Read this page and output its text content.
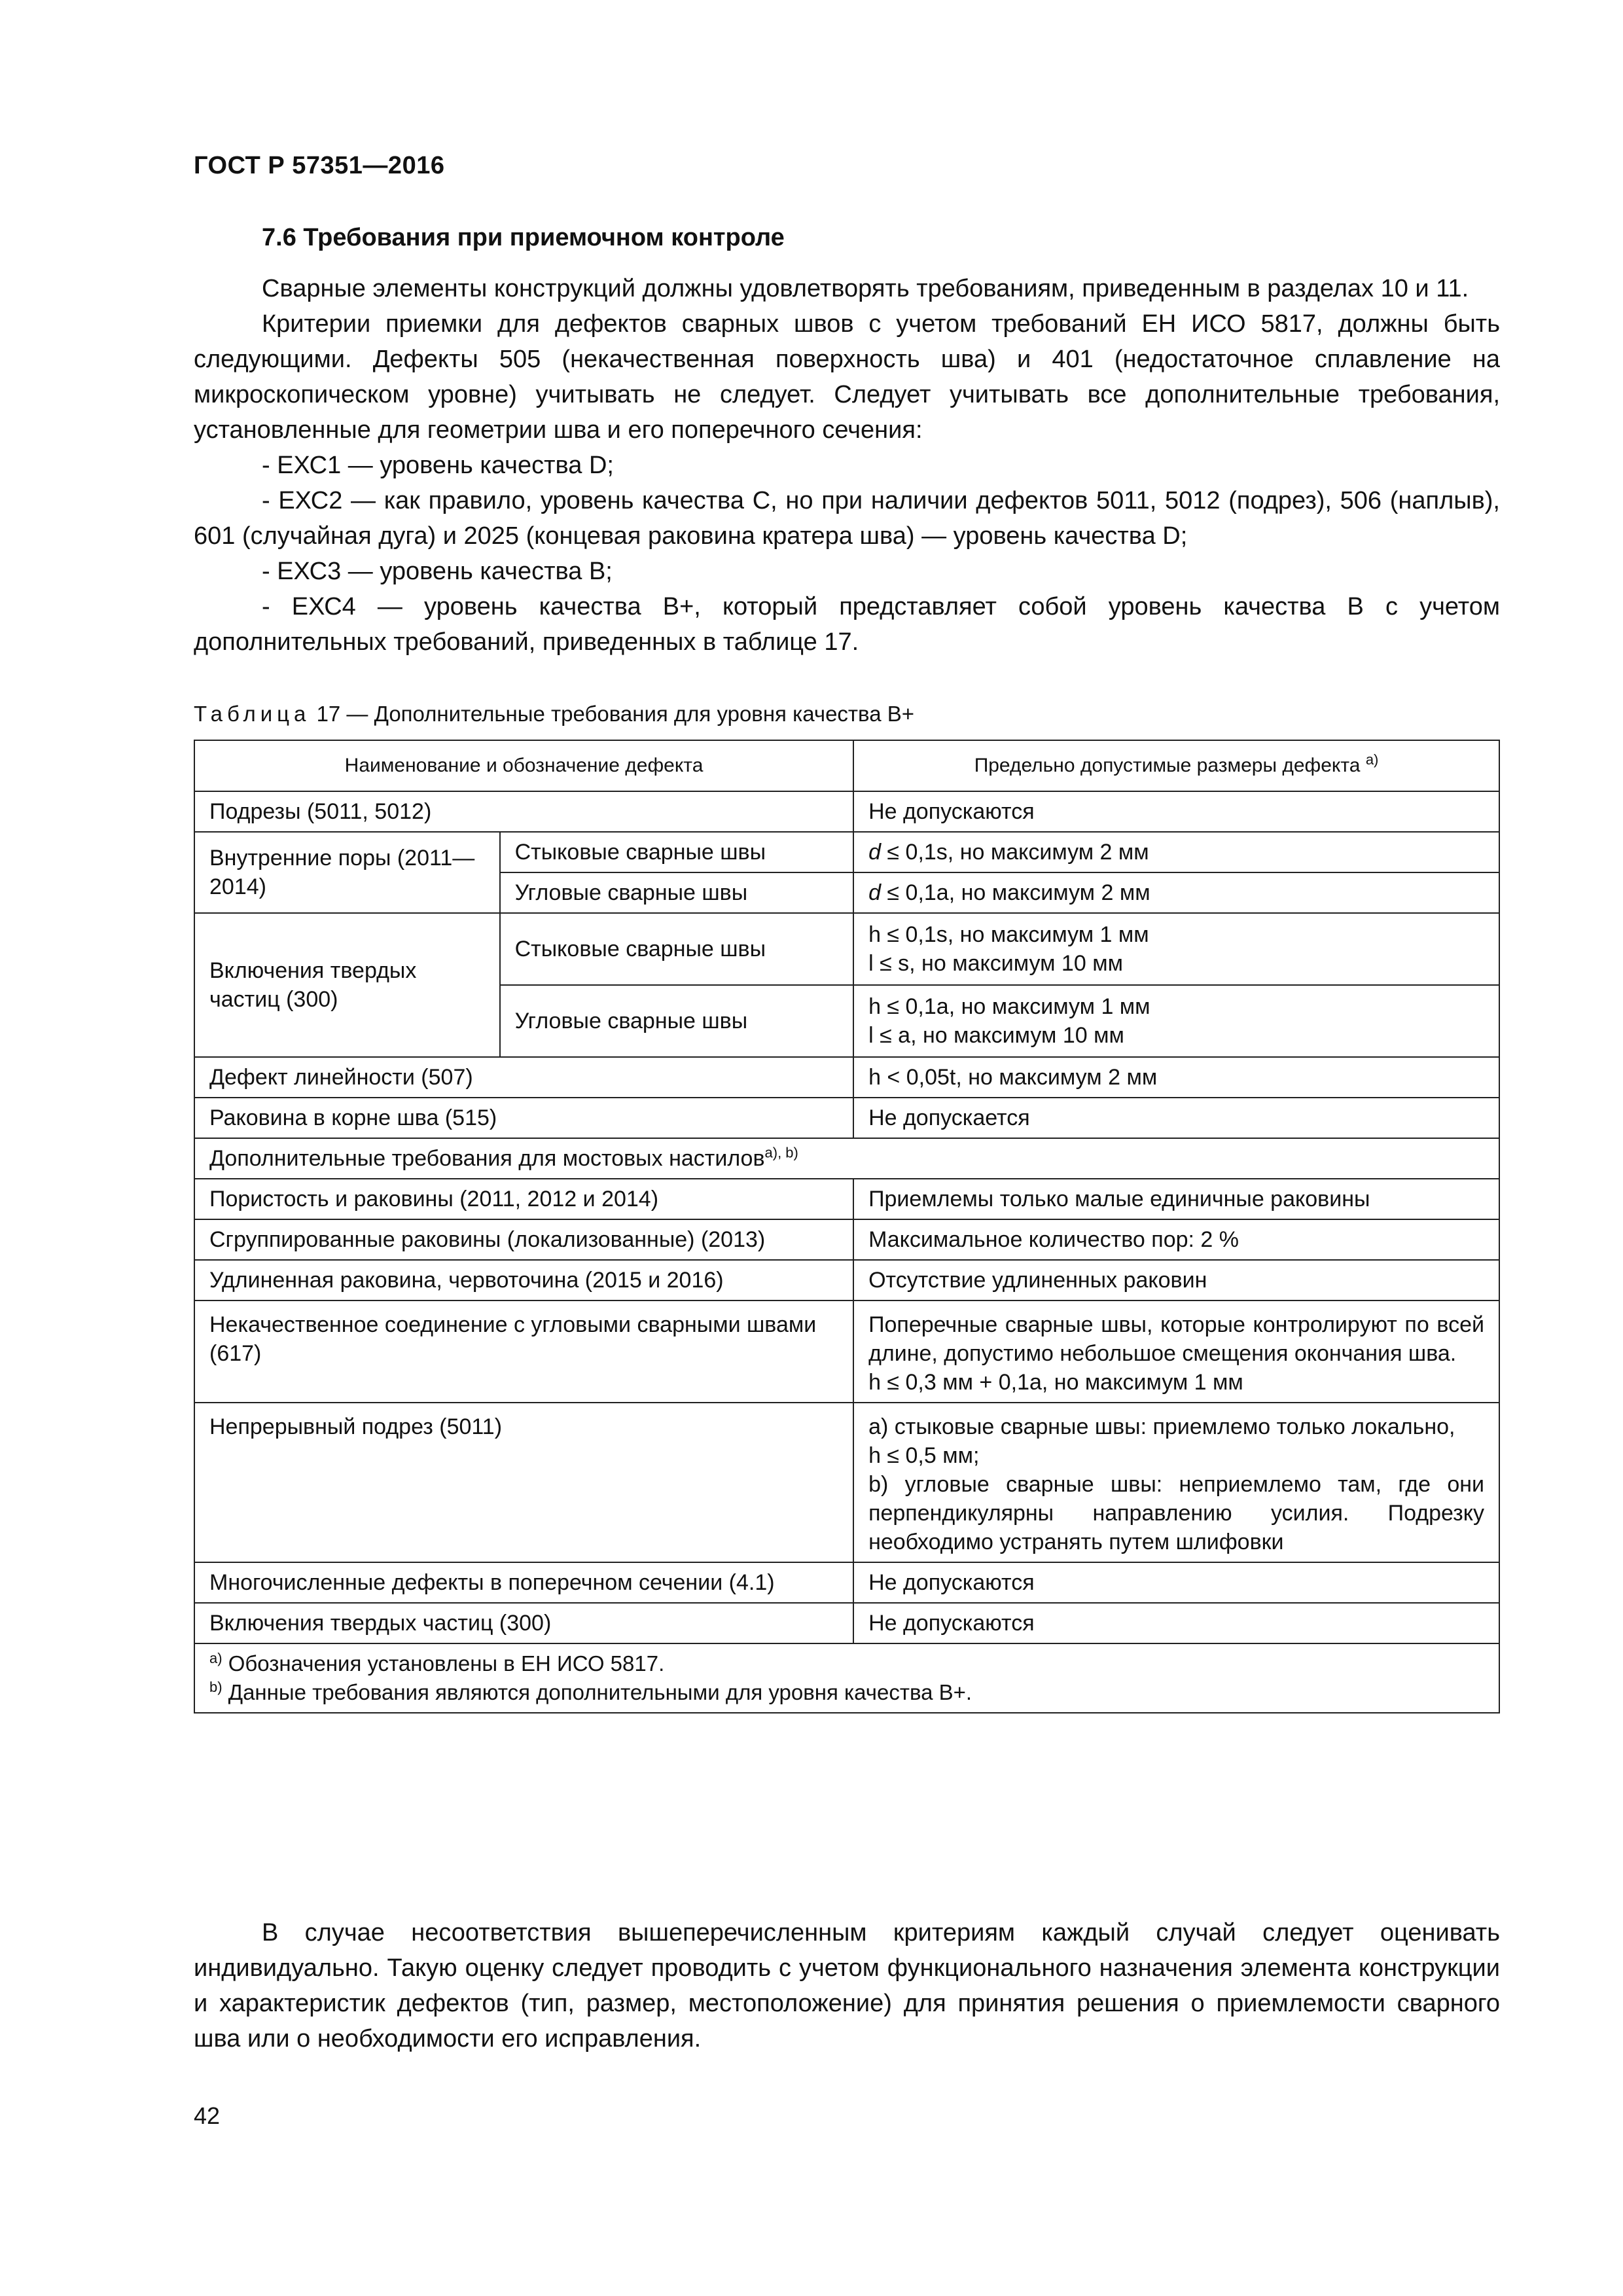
ГОСТ Р 57351—2016
7.6 Требования при приемочном контроле

Сварные элементы конструкций должны удовлетворять требованиям, приведенным в разделах 10 и 11.

Критерии приемки для дефектов сварных швов с учетом требований ЕН ИСО 5817, должны быть следующими. Дефекты 505 (некачественная поверхность шва) и 401 (недостаточное сплавление на микроскопическом уровне) учитывать не следует. Следует учитывать все дополнительные требования, установленные для геометрии шва и его поперечного сечения:

- ЕХС1 — уровень качества D;

- ЕХС2 — как правило, уровень качества С, но при наличии дефектов 5011, 5012 (подрез), 506 (наплыв), 601 (случайная дуга) и 2025 (концевая раковина кратера шва) — уровень качества D;

- ЕХС3 — уровень качества В;

- ЕХС4 — уровень качества В+, который представляет собой уровень качества В с учетом дополнительных требований, приведенных в таблице 17.

Таблица 17 — Дополнительные требования для уровня качества В+
Наименование и обозначение дефекта		Предельно допустимые размеры дефекта $^{a)}$
Подрезы (5011, 5012)		Не допускаются
Внутренние поры (2011—2014)	Стыковые сварные швы	d ≤ 0,1s, но максимум 2 мм
	Угловые сварные швы	d ≤ 0,1a, но максимум 2 мм
Включения твердых частиц (300)	Стыковые сварные швы	h ≤ 0,1s, но максимум 1 мм
l ≤ s, но максимум 10 мм

	Угловые сварные швы	h ≤ 0,1a, но максимум 1 мм
l ≤ a, но максимум 10 мм

Дефект линейности (507)		h < 0,05t, но максимум 2 мм
Раковина в корне шва (515)		Не допускается
Дополнительные требования для мостовых настилов$^{a), b)}$
Пористость и раковины (2011, 2012 и 2014)		Приемлемы только малые единичные раковины
Сгруппированные раковины (локализованные) (2013)		Максимальное количество пор: 2 %
Удлиненная раковина, червоточина (2015 и 2016)		Отсутствие удлиненных раковин
Некачественное соединение с угловыми сварными швами (617)		Поперечные сварные швы, которые контролируют по всей длине, допустимо небольшое смещения окончания шва.
h ≤ 0,3 мм + 0,1a, но максимум 1 мм

Непрерывный подрез (5011)		а) стыковые сварные швы: приемлемо только локально,
h ≤ 0,5 мм;
b) угловые сварные швы: неприемлемо там, где они перпендикулярны направлению усилия. Подрезку необходимо устранять путем шлифовки

Многочисленные дефекты в поперечном сечении (4.1)		Не допускаются
Включения твердых частиц (300)		Не допускаются

$^{a)}$ Обозначения установлены в ЕН ИСО 5817.
$^{b)}$ Данные требования являются дополнительными для уровня качества В+.		

В случае несоответствия вышеперечисленным критериям каждый случай следует оценивать индивидуально. Такую оценку следует проводить с учетом функционального назначения элемента конструкции и характеристик дефектов (тип, размер, местоположение) для принятия решения о приемлемости сварного шва или о необходимости его исправления.

42
